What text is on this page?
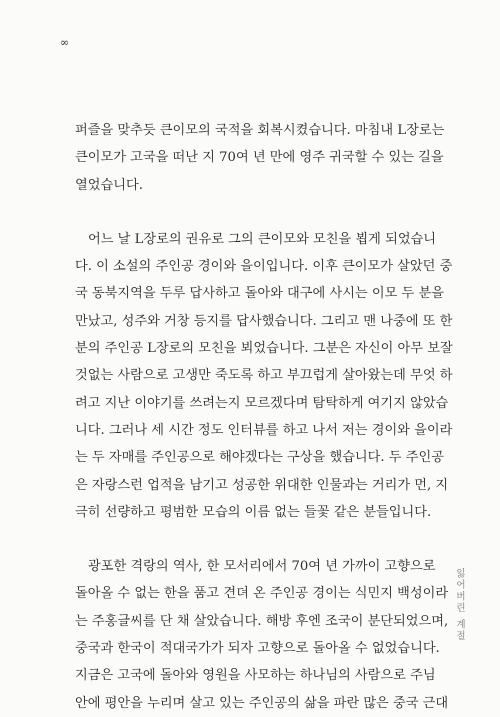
∞

퍼즐을 맞추듯 큰이모의 국적을 회복시켰습니다. 마침내 L장로는
큰이모가 고국을 떠난 지 70여 년 만에 영주 귀국할 수 있는 길을
열었습니다.

어느 날 L장로의 권유로 그의 큰이모와 모친을 뵙게 되었습니
다. 이 소설의 주인공 경이와 을이입니다. 이후 큰이모가 살았던 중
국 동북지역을 두루 답사하고 돌아와 대구에 사시는 이모 두 분을
만났고, 성주와 거창 등지를 답사했습니다. 그리고 맨 나중에 또 한
분의 주인공 L장로의 모친을 뵈었습니다. 그분은 자신이 아무 보잘
것없는 사람으로 고생만 죽도록 하고 부끄럽게 살아왔는데 무엇 하
려고 지난 이야기를 쓰려는지 모르겠다며 탐탁하게 여기지 않았습
니다. 그러나 세 시간 정도 인터뷰를 하고 나서 저는 경이와 을이라
는 두 자매를 주인공으로 해야겠다는 구상을 했습니다. 두 주인공
은 자랑스런 업적을 남기고 성공한 위대한 인물과는 거리가 먼, 지
극히 선량하고 평범한 모습의 이름 없는 들꽃 같은 분들입니다.

광포한 격랑의 역사, 한 모서리에서 70여 년 가까이 고향으로
돌아올 수 없는 한을 품고 견뎌 온 주인공 경이는 식민지 백성이라
는 주홍글씨를 단 채 살았습니다. 해방 후엔 조국이 분단되었으며,
중국과 한국이 적대국가가 되자 고향으로 돌아올 수 없었습니다.
지금은 고국에 돌아와 영원을 사모하는 하나님의 사람으로 주님
안에 평안을 누리며 살고 있는 주인공의 삶을 파란 많은 중국 근대

잃어버린 계절
